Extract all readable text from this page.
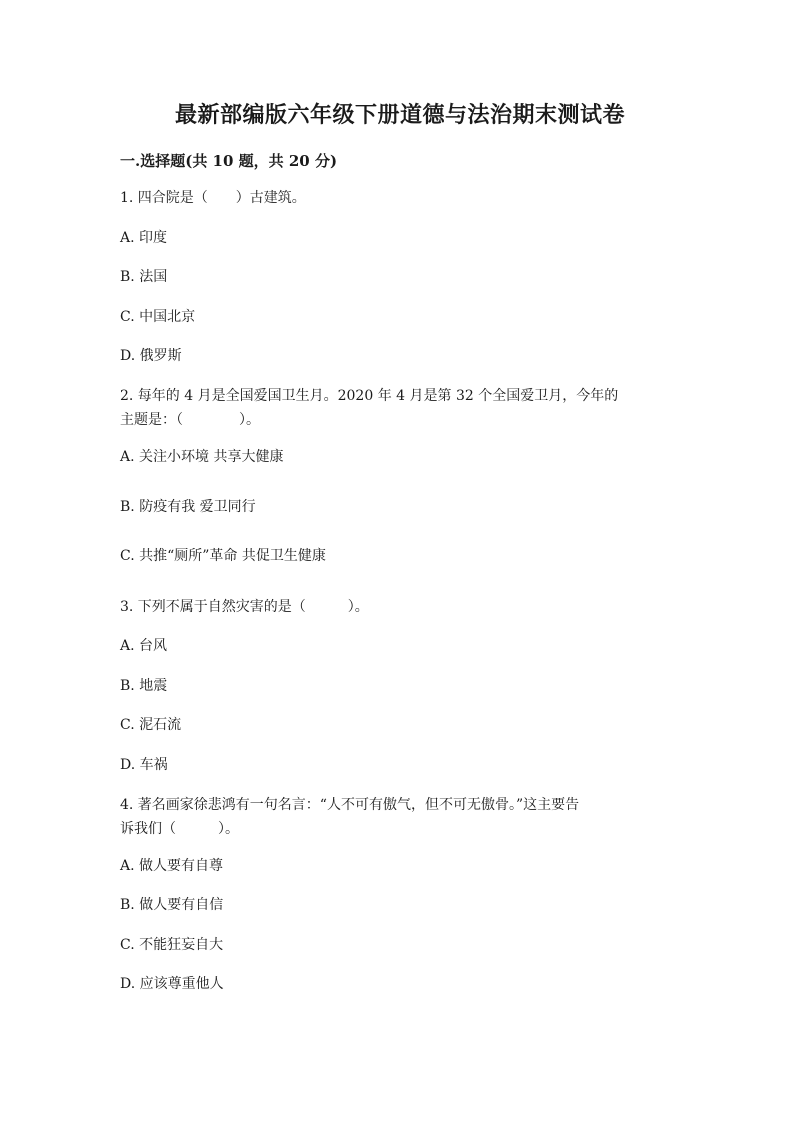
最新部编版六年级下册道德与法治期末测试卷
一.选择题(共 10 题，共 20 分)
1. 四合院是（　　）古建筑。
A. 印度
B. 法国
C. 中国北京
D. 俄罗斯
2. 每年的 4 月是全国爱国卫生月。2020 年 4 月是第 32 个全国爱卫月，今年的
主题是：（　　　　）。
A. 关注小环境 共享大健康
B. 防疫有我 爱卫同行
C. 共推“厕所”革命 共促卫生健康
3. 下列不属于自然灾害的是（　　　）。
A. 台风
B. 地震
C. 泥石流
D. 车祸
4. 著名画家徐悲鸿有一句名言：“人不可有傲气，但不可无傲骨。”这主要告
诉我们（　　　）。
A. 做人要有自尊
B. 做人要有自信
C. 不能狂妄自大
D. 应该尊重他人
